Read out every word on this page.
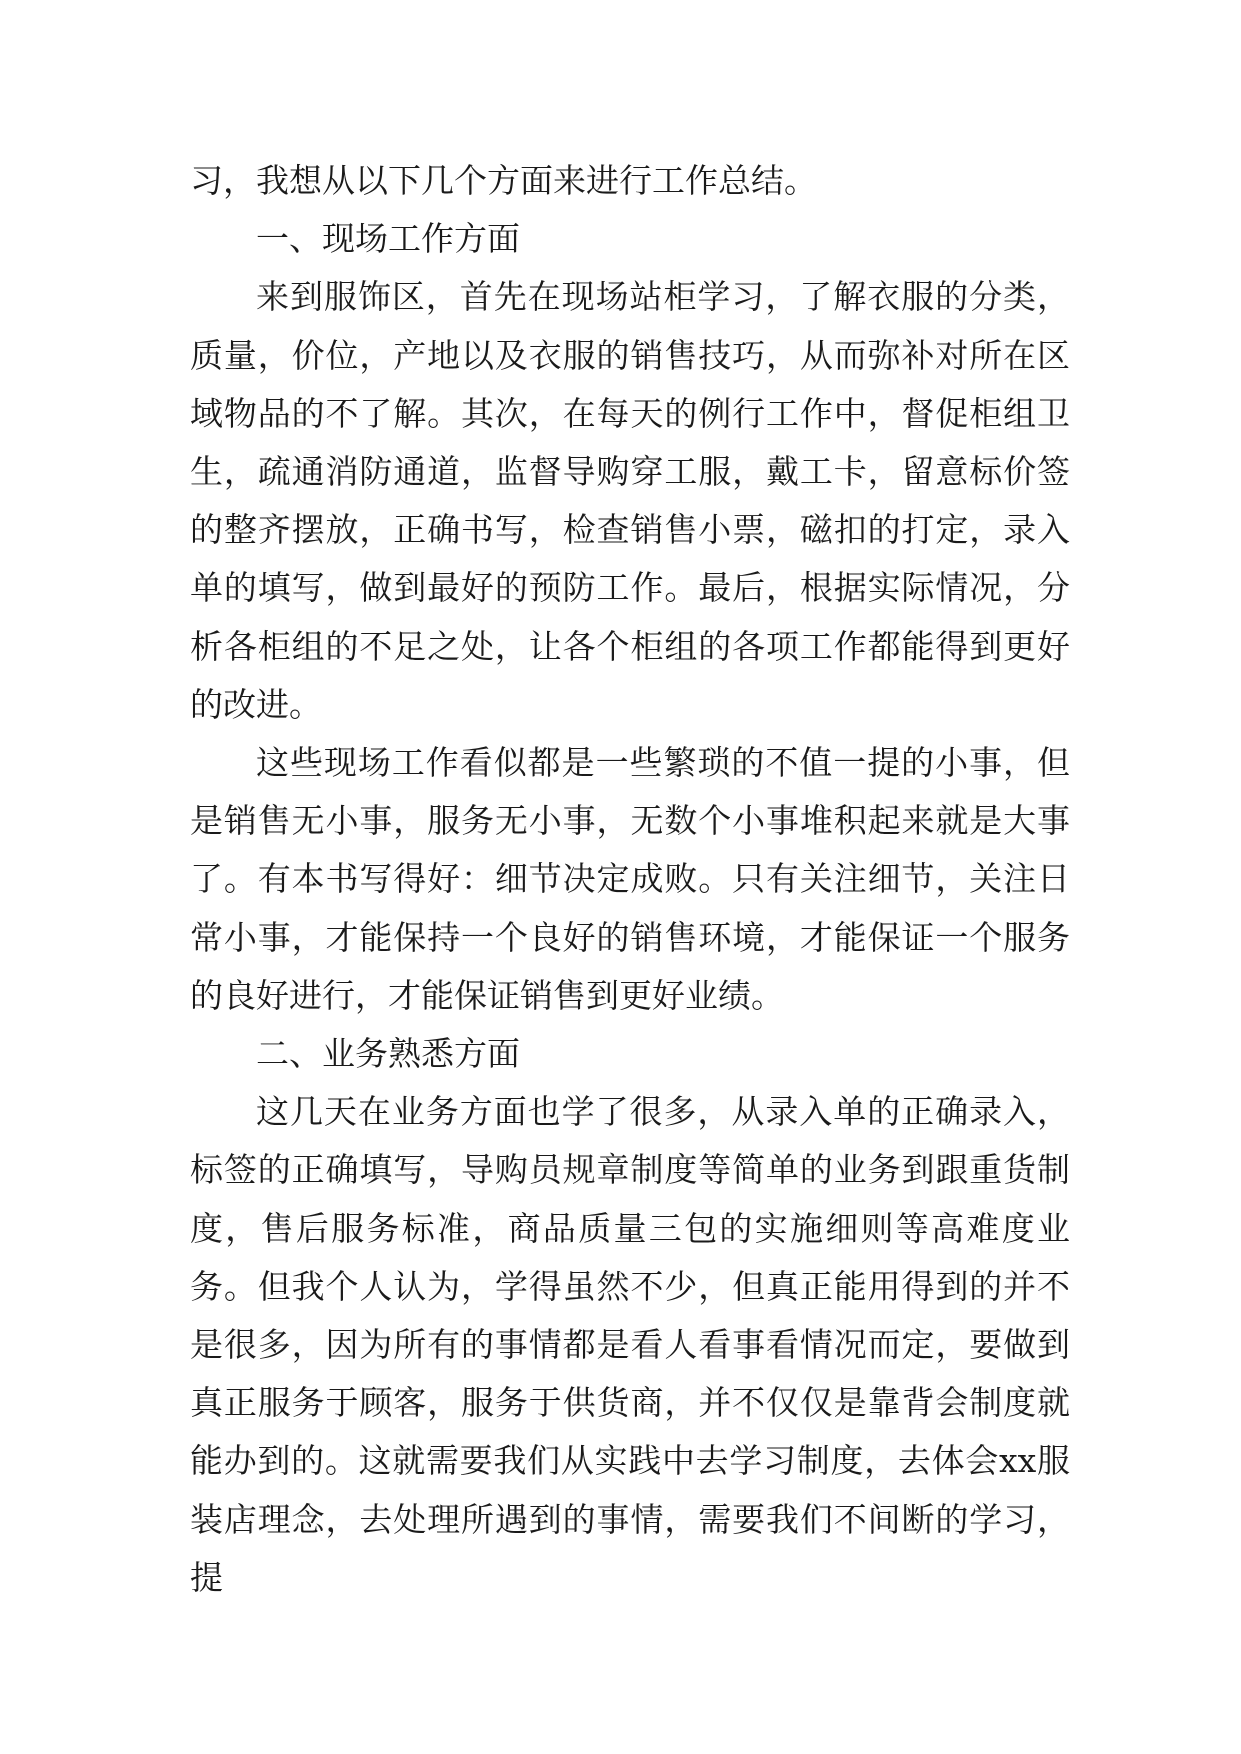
习，我想从以下几个方面来进行工作总结。

一、现场工作方面

来到服饰区，首先在现场站柜学习，了解衣服的分类，质量，价位，产地以及衣服的销售技巧，从而弥补对所在区域物品的不了解。其次，在每天的例行工作中，督促柜组卫生，疏通消防通道，监督导购穿工服，戴工卡，留意标价签的整齐摆放，正确书写，检查销售小票，磁扣的打定，录入单的填写，做到最好的预防工作。最后，根据实际情况，分析各柜组的不足之处，让各个柜组的各项工作都能得到更好的改进。

这些现场工作看似都是一些繁琐的不值一提的小事，但是销售无小事，服务无小事，无数个小事堆积起来就是大事了。有本书写得好：细节决定成败。只有关注细节，关注日常小事，才能保持一个良好的销售环境，才能保证一个服务的良好进行，才能保证销售到更好业绩。

二、业务熟悉方面

这几天在业务方面也学了很多，从录入单的正确录入，标签的正确填写，导购员规章制度等简单的业务到跟重货制度，售后服务标准，商品质量三包的实施细则等高难度业务。但我个人认为，学得虽然不少，但真正能用得到的并不是很多，因为所有的事情都是看人看事看情况而定，要做到真正服务于顾客，服务于供货商，并不仅仅是靠背会制度就能办到的。这就需要我们从实践中去学习制度，去体会xx服装店理念，去处理所遇到的事情，需要我们不间断的学习，提
